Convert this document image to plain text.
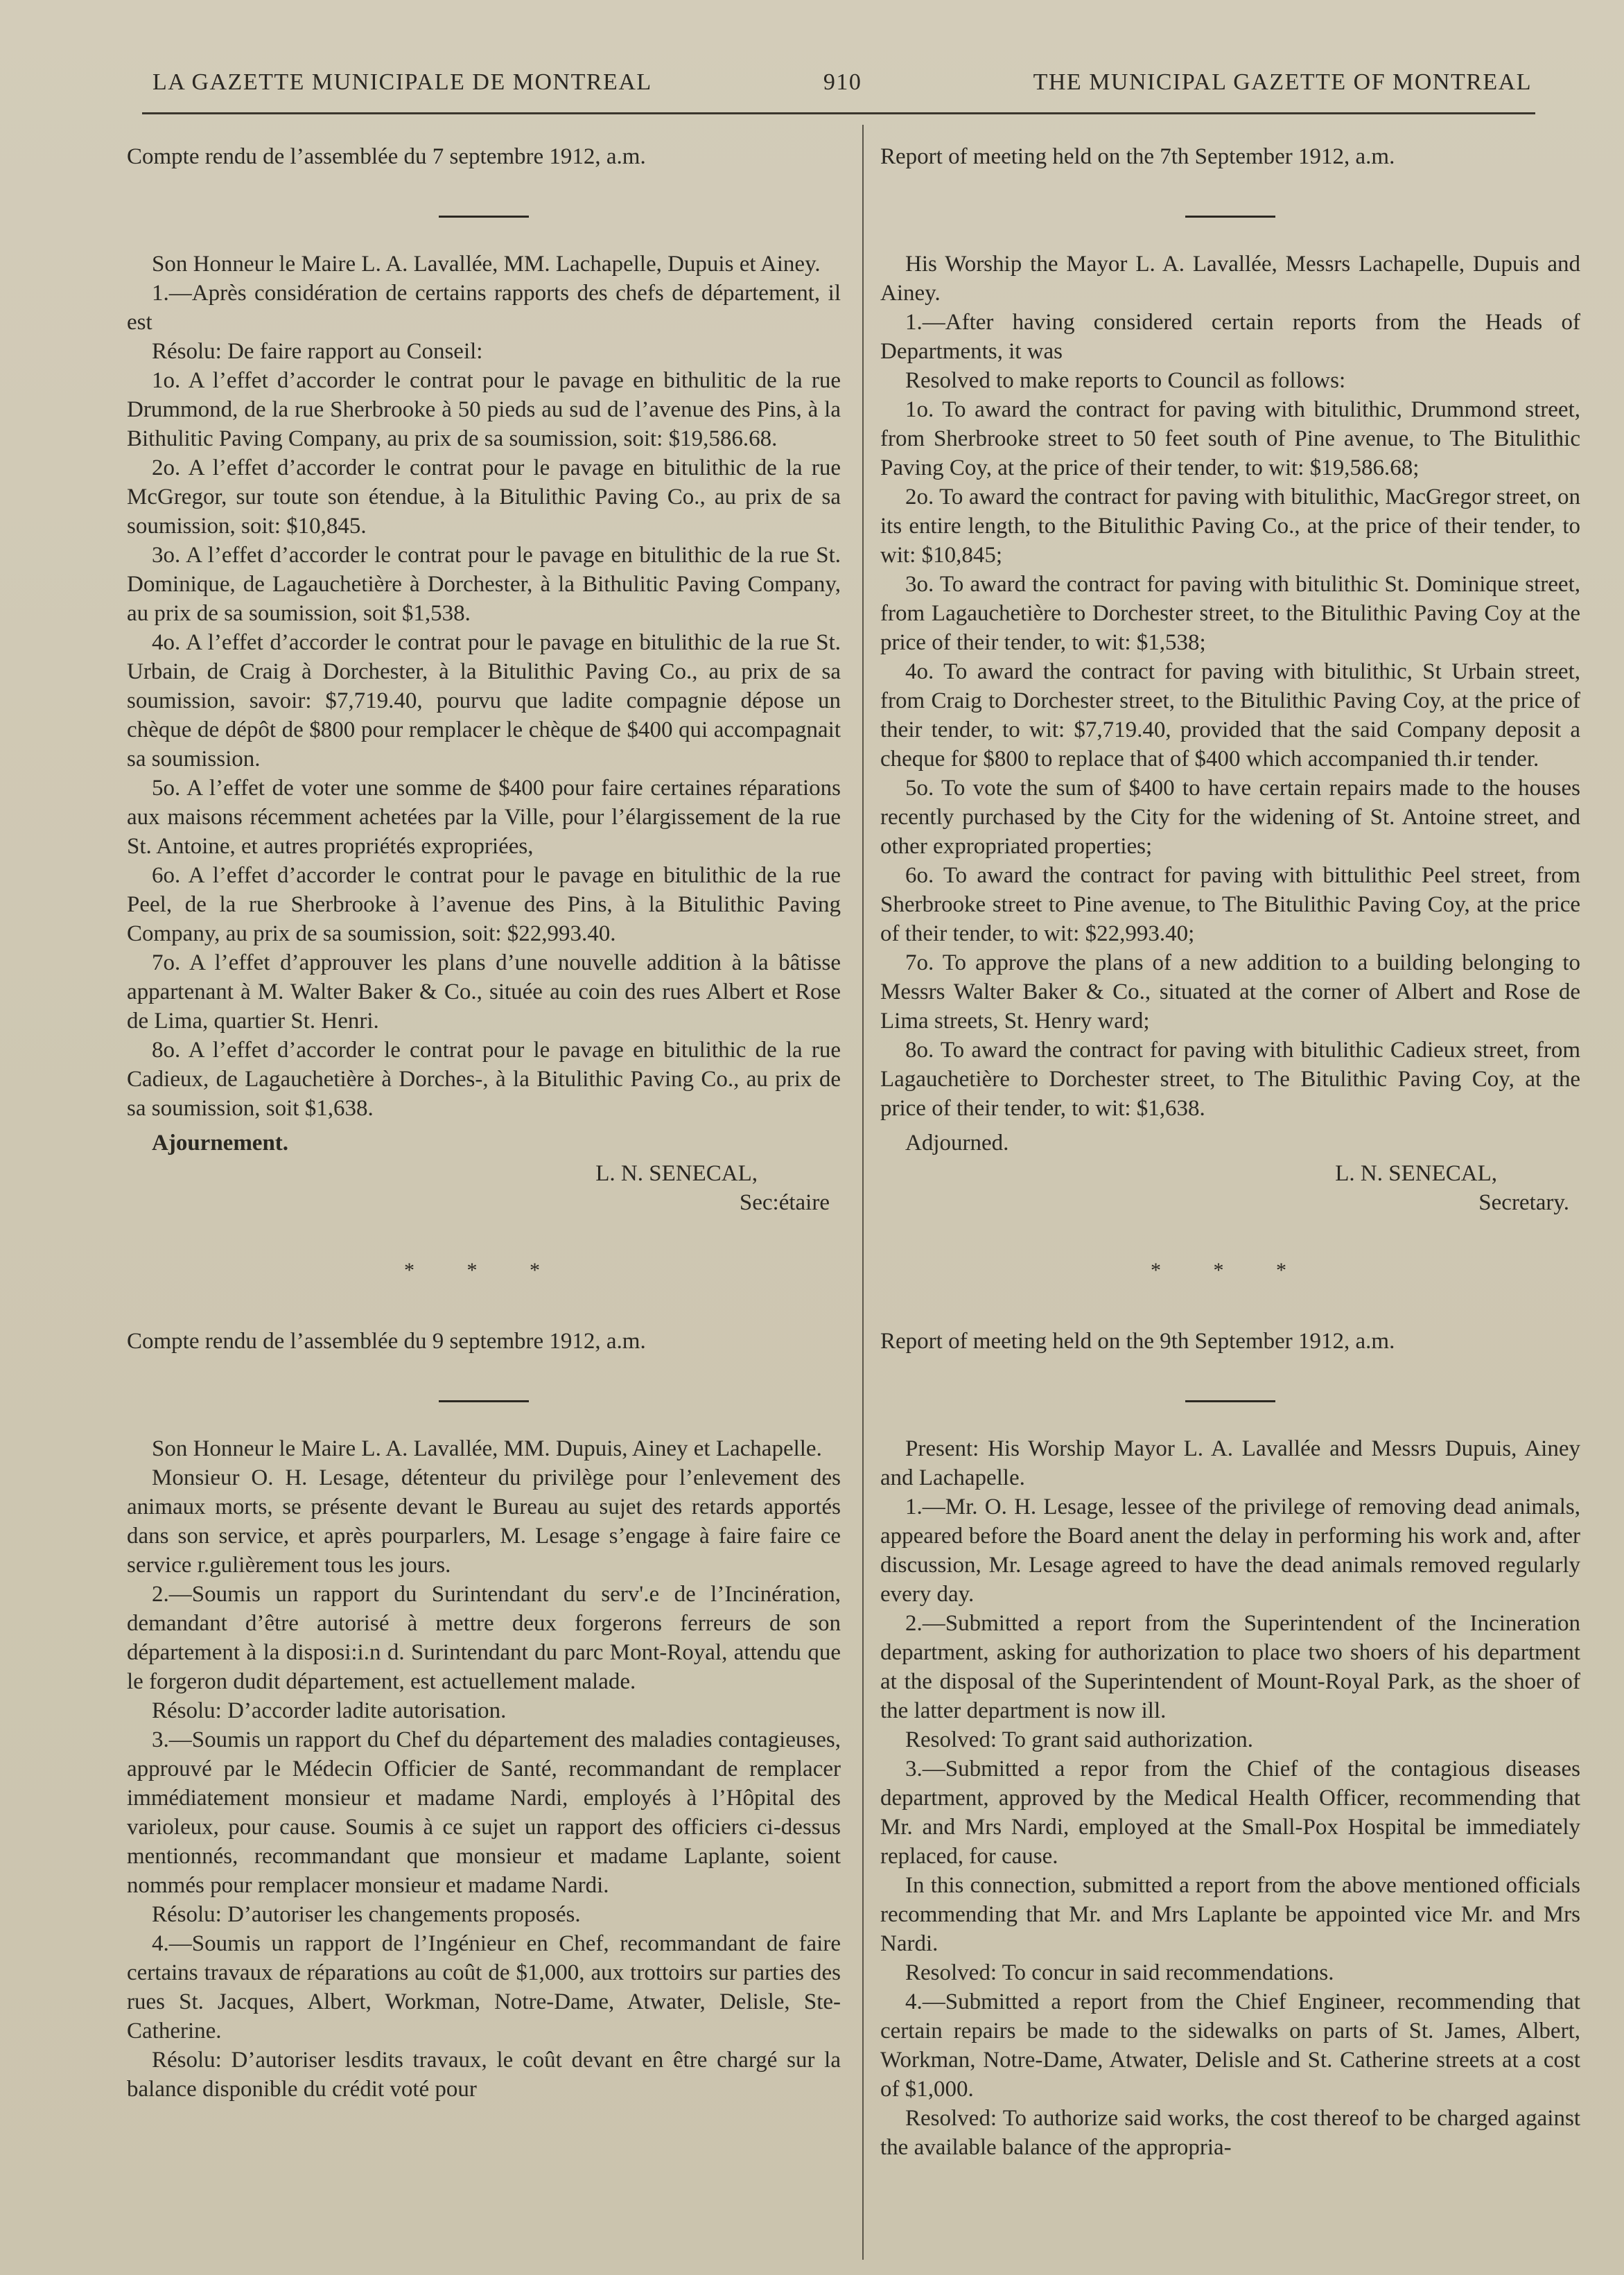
LA GAZETTE MUNICIPALE DE MONTREAL	910	THE MUNICIPAL GAZETTE OF MONTREAL

Compte rendu de l’assemblée du 7 septembre 1912, a.m.

Son Honneur le Maire L. A. Lavallée, MM. Lachapelle, Dupuis et Ainey.

1.—Après considération de certains rapports des chefs de département, il est

Résolu: De faire rapport au Conseil:

1o. A l’effet d’accorder le contrat pour le pavage en bithulitic de la rue Drummond, de la rue Sherbrooke à 50 pieds au sud de l’avenue des Pins, à la Bithulitic Paving Company, au prix de sa soumission, soit: $19,586.68.

2o. A l’effet d’accorder le contrat pour le pavage en bitulithic de la rue McGregor, sur toute son étendue, à la Bitulithic Paving Co., au prix de sa soumission, soit: $10,845.

3o. A l’effet d’accorder le contrat pour le pavage en bitulithic de la rue St. Dominique, de Lagauchetière à Dorchester, à la Bithulitic Paving Company, au prix de sa soumission, soit $1,538.

4o. A l’effet d’accorder le contrat pour le pavage en bitulithic de la rue St. Urbain, de Craig à Dorchester, à la Bitulithic Paving Co., au prix de sa soumission, savoir: $7,719.40, pourvu que ladite compagnie dépose un chèque de dépôt de $800 pour remplacer le chèque de $400 qui accompagnait sa soumission.

5o. A l’effet de voter une somme de $400 pour faire certaines réparations aux maisons récemment achetées par la Ville, pour l’élargissement de la rue St. Antoine, et autres propriétés expropriées,

6o. A l’effet d’accorder le contrat pour le pavage en bitulithic de la rue Peel, de la rue Sherbrooke à l’avenue des Pins, à la Bitulithic Paving Company, au prix de sa soumission, soit: $22,993.40.

7o. A l’effet d’approuver les plans d’une nouvelle addition à la bâtisse appartenant à M. Walter Baker & Co., située au coin des rues Albert et Rose de Lima, quartier St. Henri.

8o. A l’effet d’accorder le contrat pour le pavage en bitulithic de la rue Cadieux, de Lagauchetière à Dorches-, à la Bitulithic Paving Co., au prix de sa soumission, soit $1,638.

Ajournement.

L. N. SENECAL,
Sec:étaire
* * *

Compte rendu de l’assemblée du 9 septembre 1912, a.m.

Son Honneur le Maire L. A. Lavallée, MM. Dupuis, Ainey et Lachapelle.

Monsieur O. H. Lesage, détenteur du privilège pour l’enlevement des animaux morts, se présente devant le Bureau au sujet des retards apportés dans son service, et après pourparlers, M. Lesage s’engage à faire faire ce service r.gulièrement tous les jours.

2.—Soumis un rapport du Surintendant du serv'.e de l’Incinération, demandant d’être autorisé à mettre deux forgerons ferreurs de son département à la disposi:i.n d. Surintendant du parc Mont-Royal, attendu que le forgeron dudit département, est actuellement malade.

Résolu: D’accorder ladite autorisation.

3.—Soumis un rapport du Chef du département des maladies contagieuses, approuvé par le Médecin Officier de Santé, recommandant de remplacer immédiatement monsieur et madame Nardi, employés à l’Hôpital des varioleux, pour cause. Soumis à ce sujet un rapport des officiers ci-dessus mentionnés, recommandant que monsieur et madame Laplante, soient nommés pour remplacer monsieur et madame Nardi.

Résolu: D’autoriser les changements proposés.

4.—Soumis un rapport de l’Ingénieur en Chef, recommandant de faire certains travaux de réparations au coût de $1,000, aux trottoirs sur parties des rues St. Jacques, Albert, Workman, Notre-Dame, Atwater, Delisle, Ste-Catherine.

Résolu: D’autoriser lesdits travaux, le coût devant en être chargé sur la balance disponible du crédit voté pour

Report of meeting held on the 7th September 1912, a.m.

His Worship the Mayor L. A. Lavallée, Messrs Lachapelle, Dupuis and Ainey.

1.—After having considered certain reports from the Heads of Departments, it was

Resolved to make reports to Council as follows:

1o. To award the contract for paving with bitulithic, Drummond street, from Sherbrooke street to 50 feet south of Pine avenue, to The Bitulithic Paving Coy, at the price of their tender, to wit: $19,586.68;

2o. To award the contract for paving with bitulithic, MacGregor street, on its entire length, to the Bitulithic Paving Co., at the price of their tender, to wit: $10,845;

3o. To award the contract for paving with bitulithic St. Dominique street, from Lagauchetière to Dorchester street, to the Bitulithic Paving Coy at the price of their tender, to wit: $1,538;

4o. To award the contract for paving with bitulithic, St Urbain street, from Craig to Dorchester street, to the Bitulithic Paving Coy, at the price of their tender, to wit: $7,719.40, provided that the said Company deposit a cheque for $800 to replace that of $400 which accompanied th.ir tender.

5o. To vote the sum of $400 to have certain repairs made to the houses recently purchased by the City for the widening of St. Antoine street, and other expropriated properties;

6o. To award the contract for paving with bittulithic Peel street, from Sherbrooke street to Pine avenue, to The Bitulithic Paving Coy, at the price of their tender, to wit: $22,993.40;

7o. To approve the plans of a new addition to a building belonging to Messrs Walter Baker & Co., situated at the corner of Albert and Rose de Lima streets, St. Henry ward;

8o. To award the contract for paving with bitulithic Cadieux street, from Lagauchetière to Dorchester street, to The Bitulithic Paving Coy, at the price of their tender, to wit: $1,638.

Adjourned.

L. N. SENECAL,
Secretary.
* * *

Report of meeting held on the 9th September 1912, a.m.

Present: His Worship Mayor L. A. Lavallée and Messrs Dupuis, Ainey and Lachapelle.

1.—Mr. O. H. Lesage, lessee of the privilege of removing dead animals, appeared before the Board anent the delay in performing his work and, after discussion, Mr. Lesage agreed to have the dead animals removed regularly every day.

2.—Submitted a report from the Superintendent of the Incineration department, asking for authorization to place two shoers of his department at the disposal of the Superintendent of Mount-Royal Park, as the shoer of the latter department is now ill.

Resolved: To grant said authorization.

3.—Submitted a repor from the Chief of the contagious diseases department, approved by the Medical Health Officer, recommending that Mr. and Mrs Nardi, employed at the Small-Pox Hospital be immediately replaced, for cause.

In this connection, submitted a report from the above mentioned officials recommending that Mr. and Mrs Laplante be appointed vice Mr. and Mrs Nardi.

Resolved: To concur in said recommendations.

4.—Submitted a report from the Chief Engineer, recommending that certain repairs be made to the sidewalks on parts of St. James, Albert, Workman, Notre-Dame, Atwater, Delisle and St. Catherine streets at a cost of $1,000.

Resolved: To authorize said works, the cost thereof to be charged against the available balance of the appropria-
